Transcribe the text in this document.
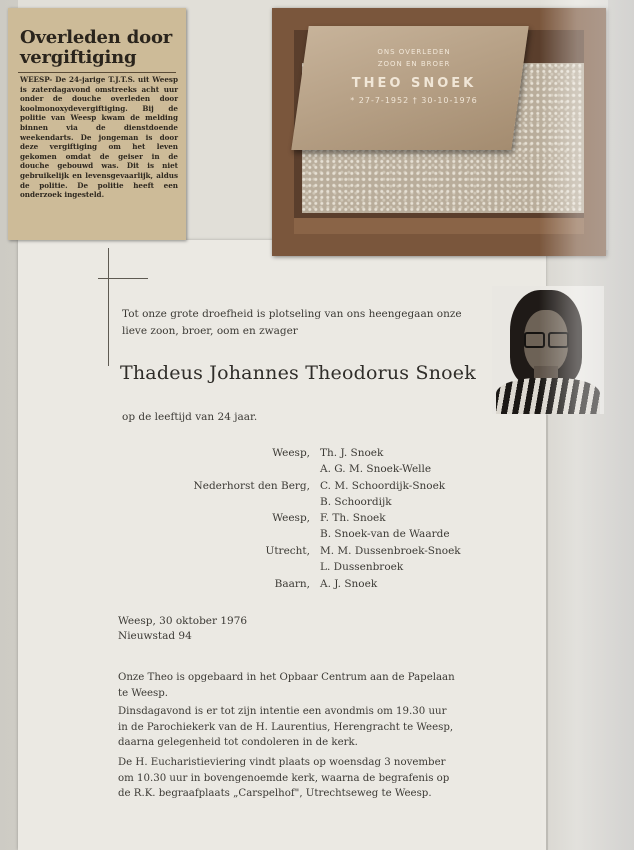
Overleden door vergiftiging
WEESP- De 24-jarige T.J.T.S. uit Weesp is zaterdagavond omstreeks acht uur onder de douche overleden door koolmonoxydevergiftiging. Bij de politie van Weesp kwam de melding binnen via de dienstdoende weekendarts. De jongeman is door deze vergiftiging om het leven gekomen omdat de geiser in de douche gebouwd was. Dit is niet gebruikelijk en levensgevaarlijk, aldus de politie. De politie heeft een onderzoek ingesteld.
ONS OVERLEDEN
ZOON EN BROER
THEO SNOEK
* 27-7-1952 † 30-10-1976
Tot onze grote droefheid is plotseling van ons heengegaan onze lieve zoon, broer, oom en zwager
Thadeus Johannes Theodorus Snoek
op de leeftijd van 24 jaar.
Weesp, Th. J. Snoek
A. G. M. Snoek-Welle
Nederhorst den Berg, C. M. Schoordijk-Snoek
B. Schoordijk
Weesp, F. Th. Snoek
B. Snoek-van de Waarde
Utrecht, M. M. Dussenbroek-Snoek
L. Dussenbroek
Baarn, A. J. Snoek
Weesp, 30 oktober 1976
Nieuwstad 94
Onze Theo is opgebaard in het Opbaar Centrum aan de Papelaan te Weesp.
Dinsdagavond is er tot zijn intentie een avondmis om 19.30 uur in de Parochiekerk van de H. Laurentius, Herengracht te Weesp, daarna gelegenheid tot condoleren in de kerk.
De H. Eucharistieviering vindt plaats op woensdag 3 november om 10.30 uur in bovengenoemde kerk, waarna de begrafenis op de R.K. begraafplaats „Carspelhof", Utrechtseweg te Weesp.
